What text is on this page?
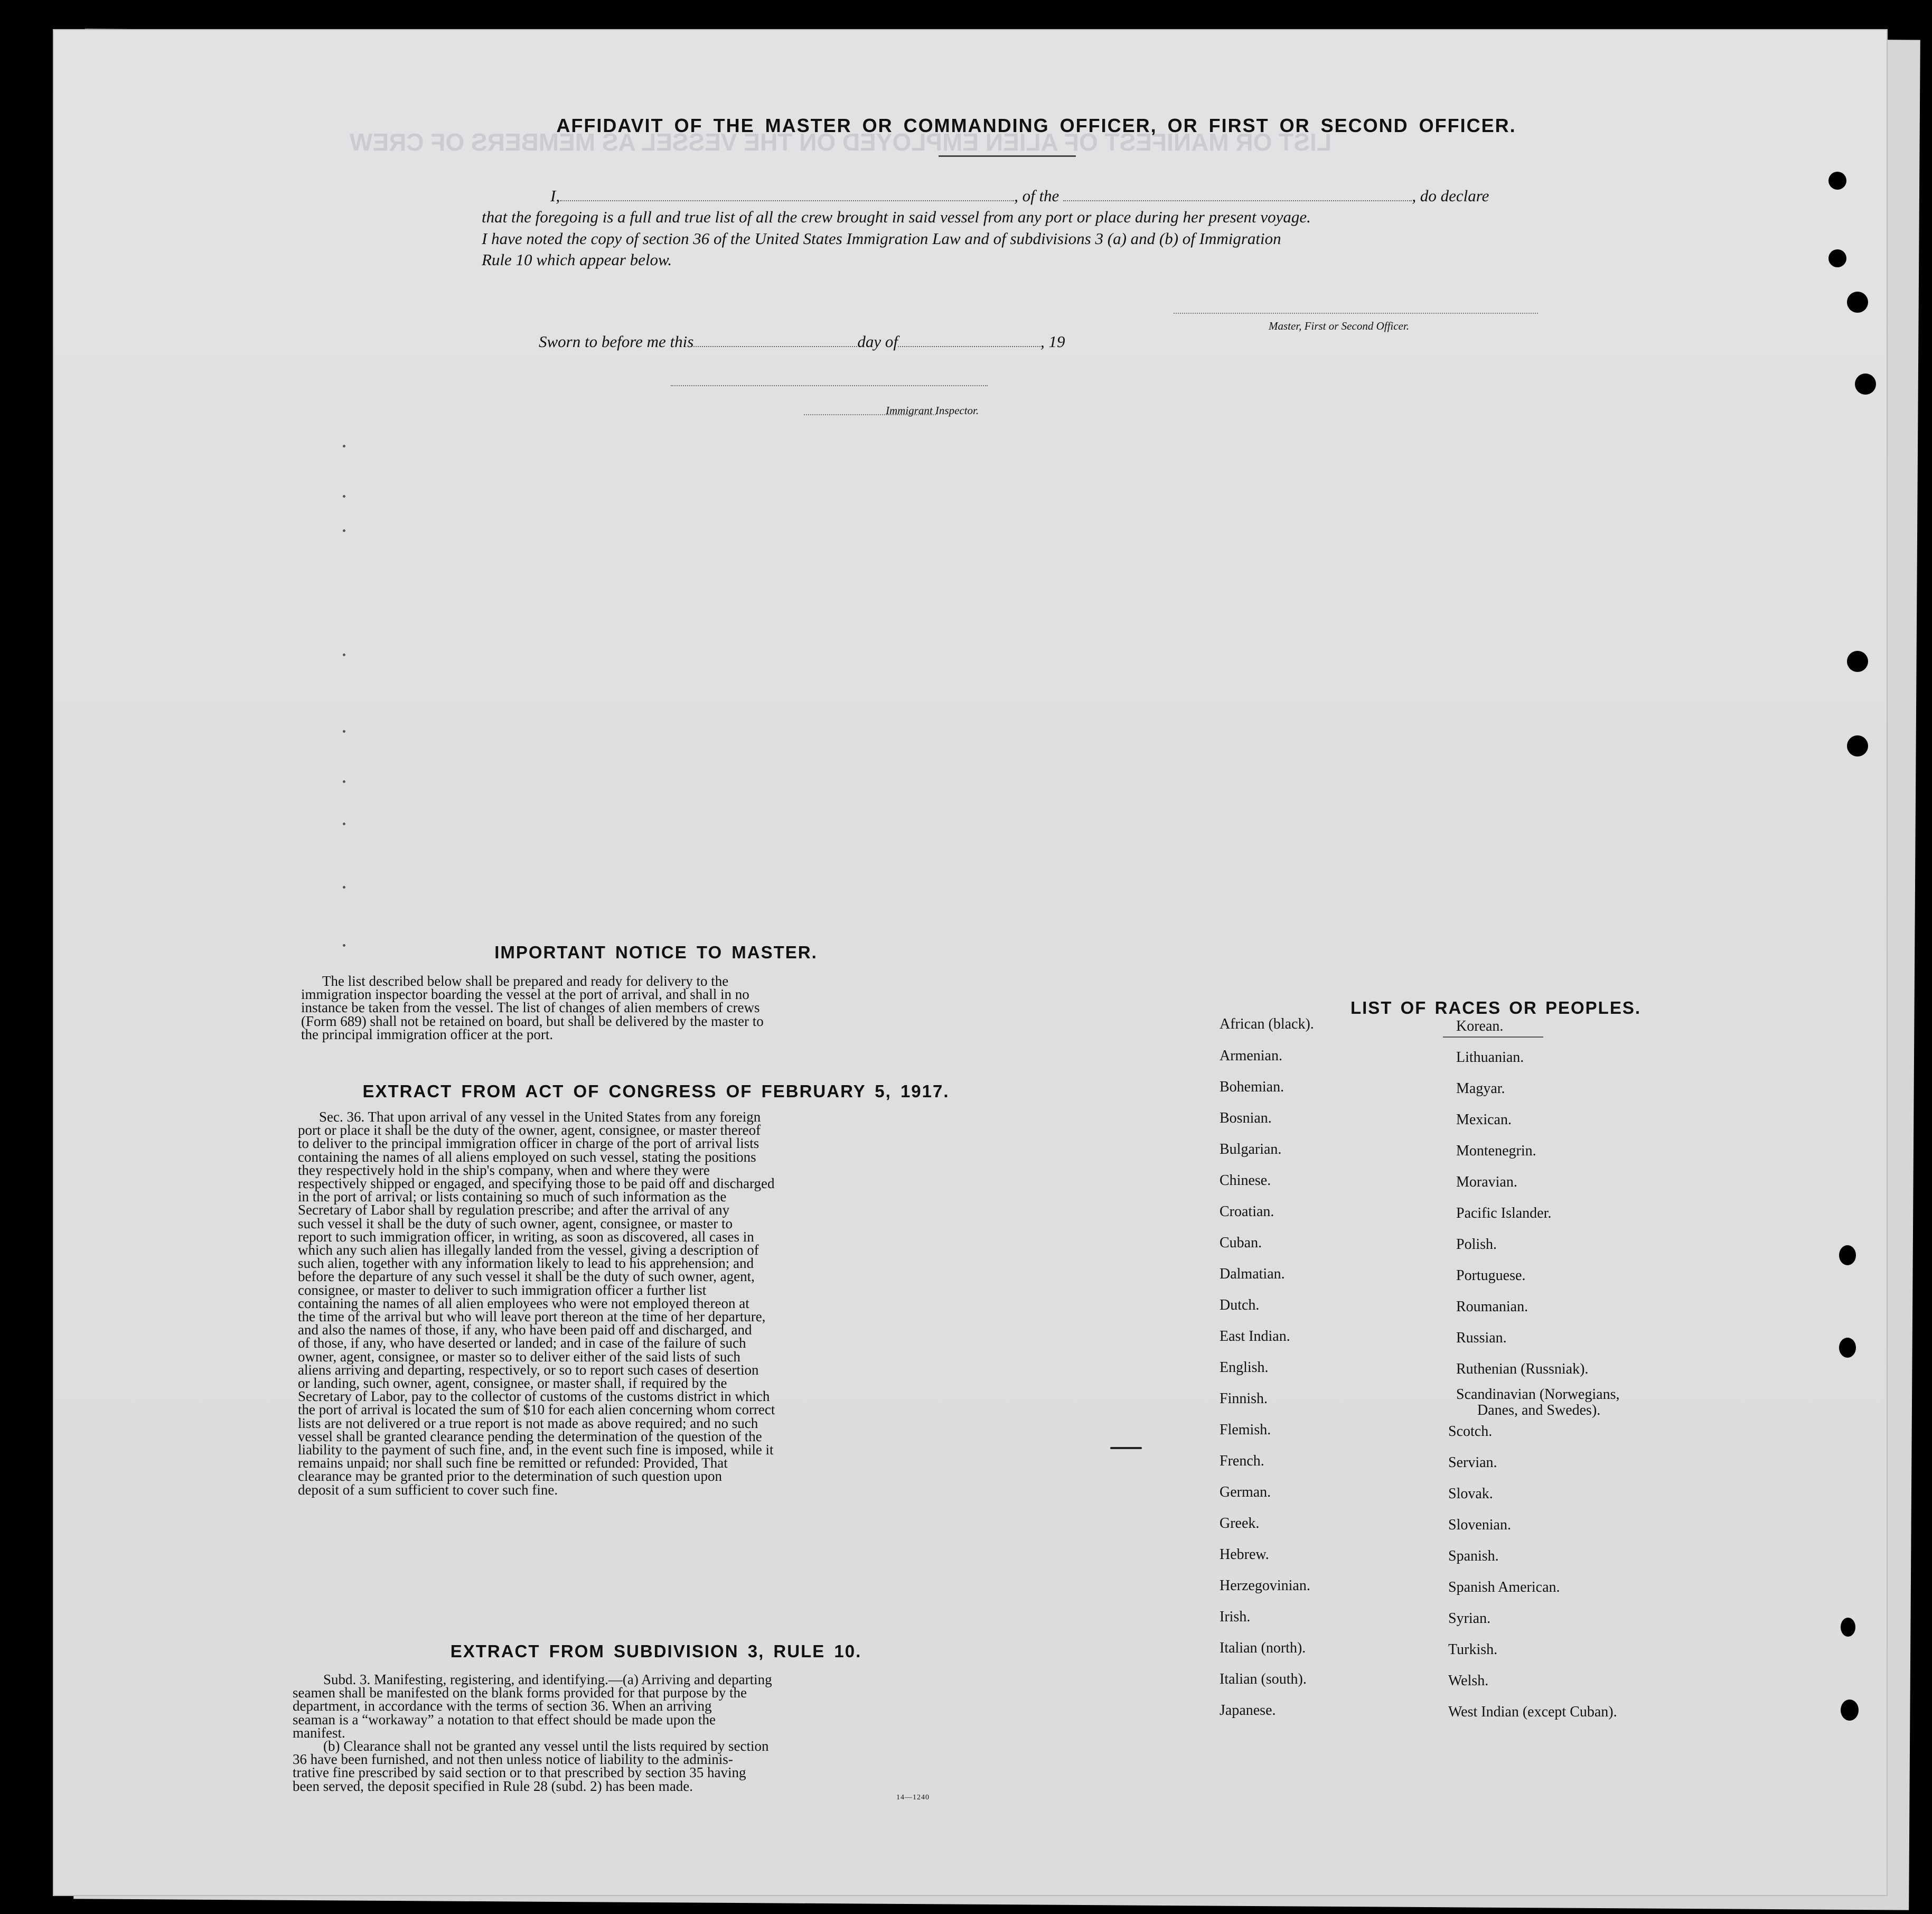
LIST OR MANIFEST OF ALIEN EMPLOYED ON THE VESSEL AS MEMBERS OF CREW
AFFIDAVIT OF THE MASTER OR COMMANDING OFFICER, OR FIRST OR SECOND OFFICER.
I,	, of the	, do declare
that the foregoing is a full and true list of all the crew brought in said vessel from any port or place during her present voyage.
I have noted the copy of section 36 of the United States Immigration Law and of subdivisions 3 (a) and (b) of Immigration
Rule 10 which appear below.
Master, First or Second Officer.
Sworn to before me this	day of	, 19
Immigrant Inspector.
IMPORTANT NOTICE TO MASTER.
The list described below shall be prepared and ready for delivery to the
immigration inspector boarding the vessel at the port of arrival, and shall in no
instance be taken from the vessel. The list of changes of alien members of crews
(Form 689) shall not be retained on board, but shall be delivered by the master to
the principal immigration officer at the port.
EXTRACT FROM ACT OF CONGRESS OF FEBRUARY 5, 1917.
Sec. 36. That upon arrival of any vessel in the United States from any foreign
port or place it shall be the duty of the owner, agent, consignee, or master thereof
to deliver to the principal immigration officer in charge of the port of arrival lists
containing the names of all aliens employed on such vessel, stating the positions
they respectively hold in the ship's company, when and where they were
respectively shipped or engaged, and specifying those to be paid off and discharged
in the port of arrival; or lists containing so much of such information as the
Secretary of Labor shall by regulation prescribe; and after the arrival of any
such vessel it shall be the duty of such owner, agent, consignee, or master to
report to such immigration officer, in writing, as soon as discovered, all cases in
which any such alien has illegally landed from the vessel, giving a description of
such alien, together with any information likely to lead to his apprehension; and
before the departure of any such vessel it shall be the duty of such owner, agent,
consignee, or master to deliver to such immigration officer a further list
containing the names of all alien employees who were not employed thereon at
the time of the arrival but who will leave port thereon at the time of her departure,
and also the names of those, if any, who have been paid off and discharged, and
of those, if any, who have deserted or landed; and in case of the failure of such
owner, agent, consignee, or master so to deliver either of the said lists of such
aliens arriving and departing, respectively, or so to report such cases of desertion
or landing, such owner, agent, consignee, or master shall, if required by the
Secretary of Labor, pay to the collector of customs of the customs district in which
the port of arrival is located the sum of $10 for each alien concerning whom correct
lists are not delivered or a true report is not made as above required; and no such
vessel shall be granted clearance pending the determination of the question of the
liability to the payment of such fine, and, in the event such fine is imposed, while it
remains unpaid; nor shall such fine be remitted or refunded: Provided, That
clearance may be granted prior to the determination of such question upon
deposit of a sum sufficient to cover such fine.
EXTRACT FROM SUBDIVISION 3, RULE 10.
Subd. 3. Manifesting, registering, and identifying.—(a) Arriving and departing
seamen shall be manifested on the blank forms provided for that purpose by the
department, in accordance with the terms of section 36. When an arriving
seaman is a “workaway” a notation to that effect should be made upon the
manifest.
(b) Clearance shall not be granted any vessel until the lists required by section
36 have been furnished, and not then unless notice of liability to the adminis-
trative fine prescribed by said section or to that prescribed by section 35 having
been served, the deposit specified in Rule 28 (subd. 2) has been made.
14—1240
LIST OF RACES OR PEOPLES.
African (black).
Armenian.
Bohemian.
Bosnian.
Bulgarian.
Chinese.
Croatian.
Cuban.
Dalmatian.
Dutch.
East Indian.
English.
Finnish.
Flemish.
French.
German.
Greek.
Hebrew.
Herzegovinian.
Irish.
Italian (north).
Italian (south).
Japanese.
Korean.
Lithuanian.
Magyar.
Mexican.
Montenegrin.
Moravian.
Pacific Islander.
Polish.
Portuguese.
Roumanian.
Russian.
Ruthenian (Russniak).
Scandinavian (Norwegians,
Danes, and Swedes).
Scotch.
Servian.
Slovak.
Slovenian.
Spanish.
Spanish American.
Syrian.
Turkish.
Welsh.
West Indian (except Cuban).
